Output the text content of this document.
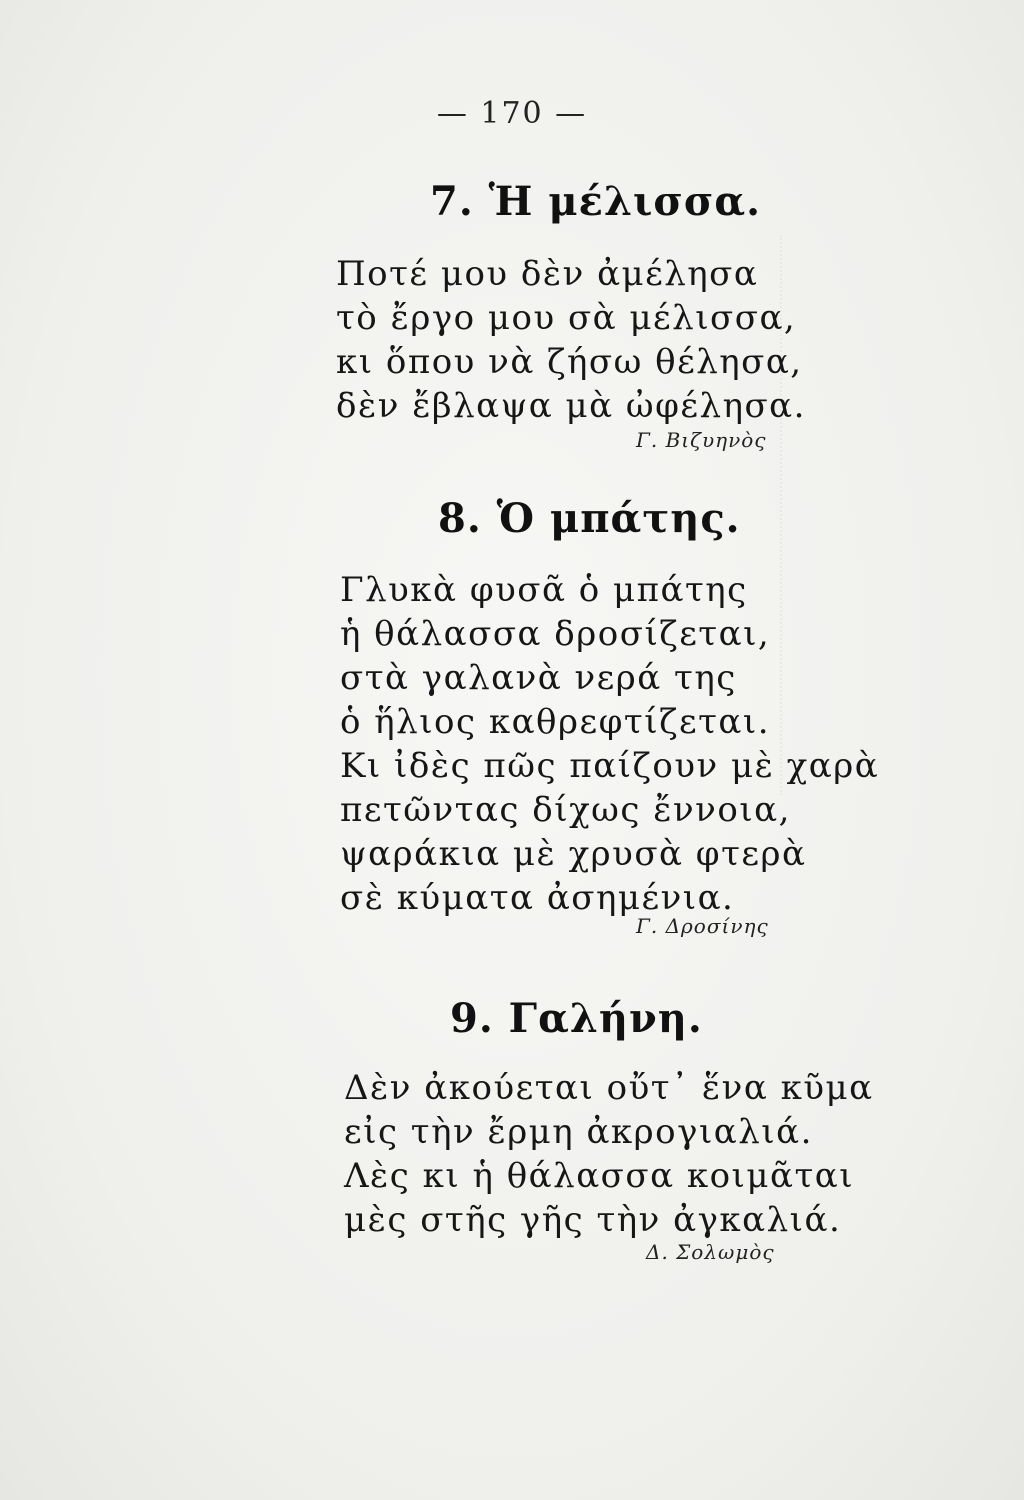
— 170 —
7. Ἡ μέλισσα.
Ποτέ μου δὲν ἀμέλησα
τὸ ἔργο μου σὰ μέλισσα,
κι ὅπου νὰ ζήσω θέλησα,
δὲν ἔβλαψα μὰ ὠφέλησα.
Γ. Βιζυηνὸς
8. Ὁ μπάτης.
Γλυκὰ φυσᾶ ὁ μπάτης
ἡ θάλασσα δροσίζεται,
στὰ γαλανὰ νερά της
ὁ ἥλιος καθρεφτίζεται.
Κι ἰδὲς πῶς παίζουν μὲ χαρὰ
πετῶντας δίχως ἔννοια,
ψαράκια μὲ χρυσὰ φτερὰ
σὲ κύματα ἀσημένια.
Γ. Δροσίνης
9. Γαλήνη.
Δὲν ἀκούεται οὔτ᾽ ἕνα κῦμα
εἰς τὴν ἔρμη ἀκρογιαλιά.
Λὲς κι ἡ θάλασσα κοιμᾶται
μὲς στῆς γῆς τὴν ἀγκαλιά.
Δ. Σολωμὸς
